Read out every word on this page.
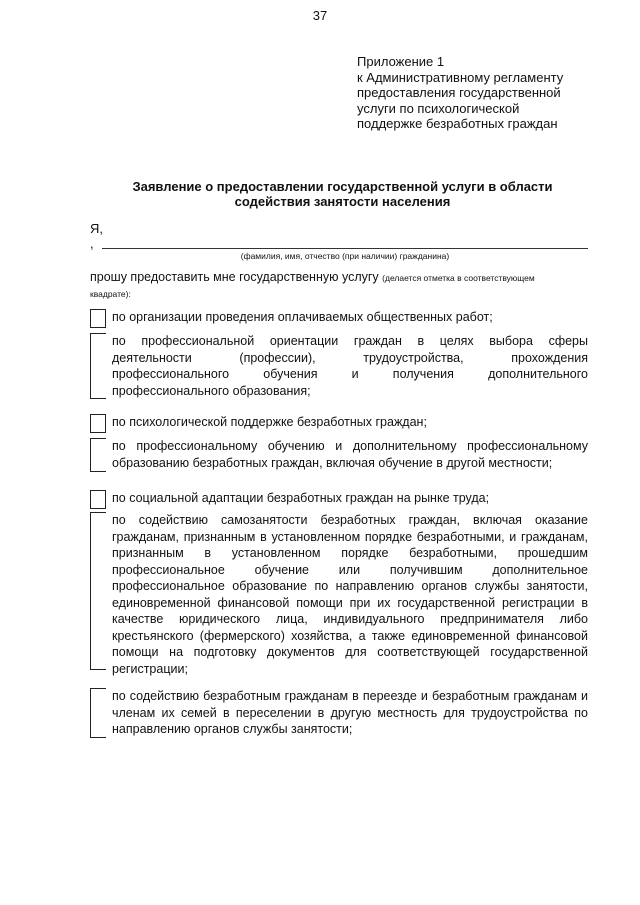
37
Приложение 1
к Административному регламенту
предоставления государственной
услуги по психологической
поддержке безработных граждан
Заявление о предоставлении государственной услуги в области
содействия занятости населения
Я,
,
(фамилия, имя, отчество (при наличии) гражданина)
прошу предоставить мне государственную услугу (делается отметка в соответствующем
квадрате):
по организации проведения оплачиваемых общественных работ;
по профессиональной ориентации граждан в целях выбора сферы
деятельности (профессии), трудоустройства, прохождения
профессионального обучения и получения дополнительного
профессионального образования;
по психологической поддержке безработных граждан;
по профессиональному обучению и дополнительному профессиональному
образованию безработных граждан, включая обучение в другой местности;
по социальной адаптации безработных граждан на рынке труда;
по содействию самозанятости безработных граждан, включая оказание
гражданам, признанным в установленном порядке безработными, и гражданам,
признанным в установленном порядке безработными, прошедшим
профессиональное обучение или получившим дополнительное
профессиональное образование по направлению органов службы занятости,
единовременной финансовой помощи при их государственной регистрации в
качестве юридического лица, индивидуального предпринимателя либо
крестьянского (фермерского) хозяйства, а также единовременной финансовой
помощи на подготовку документов для соответствующей государственной
регистрации;
по содействию безработным гражданам в переезде и безработным гражданам и
членам их семей в переселении в другую местность для трудоустройства по
направлению органов службы занятости;
